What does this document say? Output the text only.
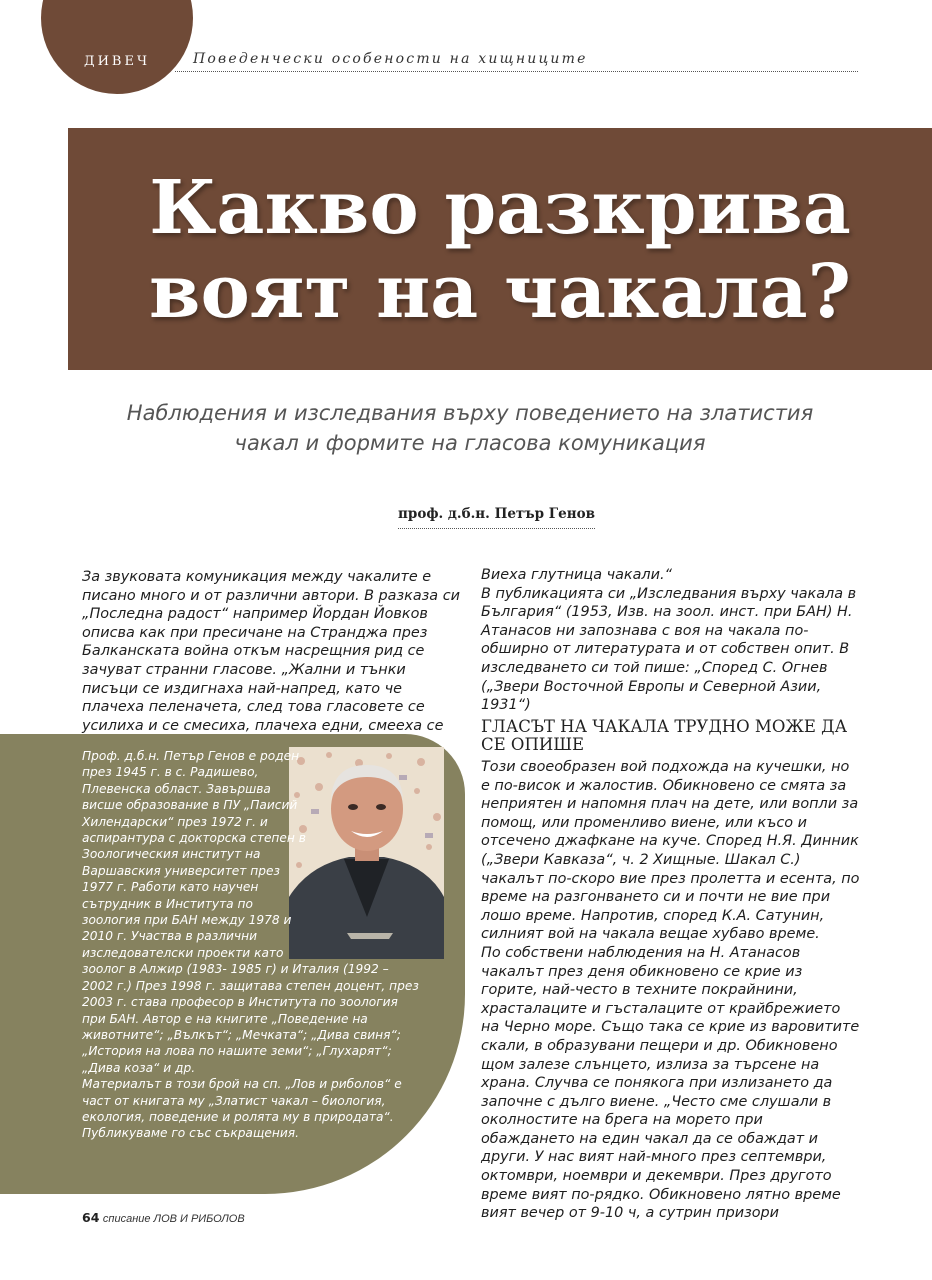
ДИВЕЧ	Поведенчески особености на хищниците
Какво разкрива
воят на чакала?
Наблюдения и изследвания върху поведението на златистия
чакал и формите на гласова комуникация
проф. д.б.н. Петър Генов

За звуковата комуникация между чакалите е писано много и от различни автори. В разказа си „Последна радост“ например Йордан Йовков описва как при пресичане на Странджа през Балканската война откъм насрещния рид се зачуват странни гласове. „Жални и тънки писъци се издигнаха най-напред, като че плачеха пеленачета, след това гласовете се усилиха и се смесиха, плачеха едни, смееха се

Виеха глутница чакали.“

В публикацията си „Изследвания върху чакала в България“ (1953, Изв. на зоол. инст. при БАН) Н. Атанасов ни запознава с воя на чакала по-обширно от литературата и от собствен опит. В изследването си той пише: „Според С. Огнев („Звери Восточной Европы и Северной Азии, 1931“)

ГЛАСЪТ НА ЧАКАЛА ТРУДНО МОЖЕ ДА СЕ ОПИШЕ

Този своеобразен вой подхожда на кучешки, но е по-висок и жалостив. Обикновено се смята за неприятен и напомня плач на дете, или вопли за помощ, или променливо виене, или късо и отсечено джафкане на куче. Според Н.Я. Динник („Звери Кавказа“, ч. 2 Хищные. Шакал С.) чакалът по-скоро вие през пролетта и есента, по време на разгонването си и почти не вие при лошо време. Напротив, според К.А. Сатунин, силният вой на чакала вещае хубаво време.

По собствени наблюдения на Н. Атанасов чакалът през деня обикновено се крие из горите, най-често в техните покрайнини, храсталаците и гъсталаците от крайбрежието на Черно море. Също така се крие из варовитите скали, в образувани пещери и др. Обикновено щом залезе слънцето, излиза за търсене на храна. Случва се понякога при излизането да започне с дълго виене. „Често сме слушали в околностите на брега на морето при обаждането на един чакал да се обаждат и други. У нас вият най-много през септември, октомври, ноември и декември. През другото време вият по-рядко. Обикновено лятно време вият вечер от 9-10 ч, а сутрин призори

Проф. д.б.н. Петър Генов е роден през 1945 г. в с. Радишево, Плевенска област. Завършва висше образование в ПУ „Паисий Хилендарски“ през 1972 г. и аспирантура с докторска степен в Зоологическия институт на Варшавския университет през 1977 г. Работи като научен сътрудник в Института по зоология при БАН между 1978 и 2010 г. Участва в различни изследователски проекти като зоолог в Алжир (1983- 1985 г) и Италия (1992 – 2002 г.) През 1998 г. защитава степен доцент, през 2003 г. става професор в Института по зоология при БАН. Автор е на книгите „Поведение на животните“; „Вълкът“; „Мечката“; „Дива свиня“; „История на лова по нашите земи“; „Глухарят“; „Дива коза“ и др.

Материалът в този брой на сп. „Лов и риболов“ е част от книгата му „Златист чакал – биология, екология, поведение и ролята му в природата“. Публикуваме го със съкращения.

64 списание ЛОВ И РИБОЛОВ
